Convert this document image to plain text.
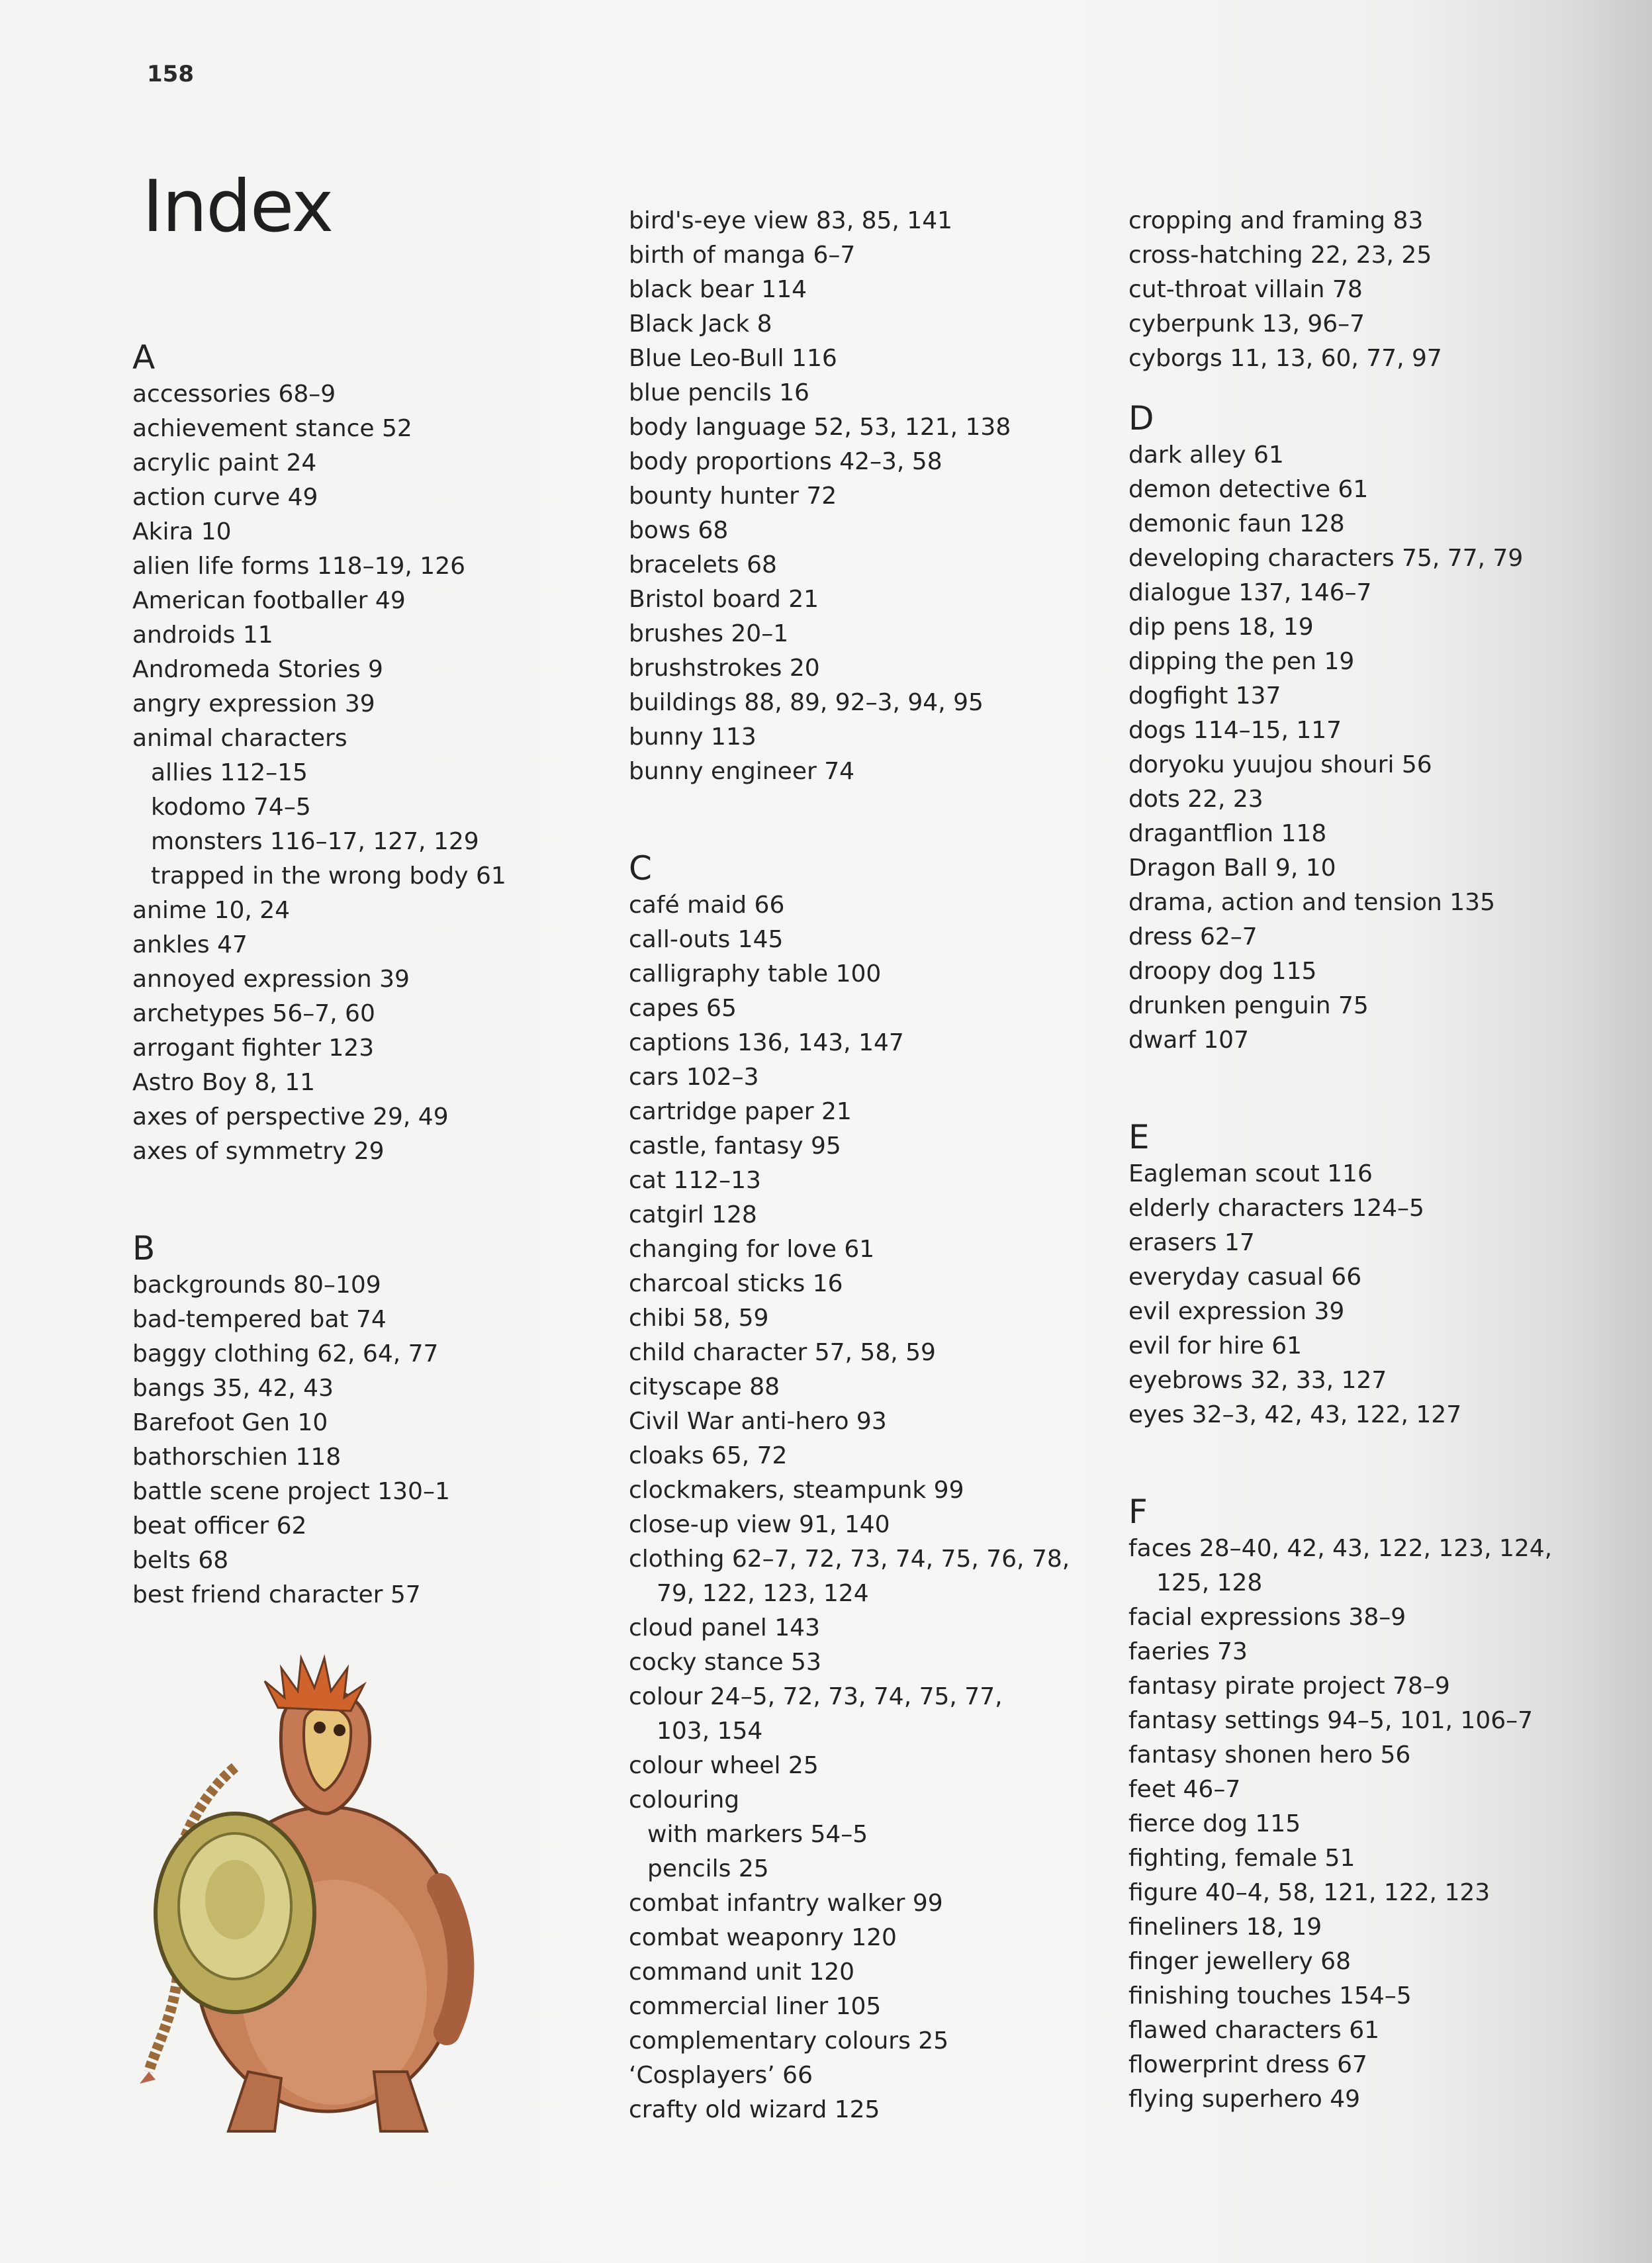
158
Index
A
accessories 68–9
achievement stance 52
acrylic paint 24
action curve 49
Akira 10
alien life forms 118–19, 126
American footballer 49
androids 11
Andromeda Stories 9
angry expression 39
animal characters
allies 112–15
kodomo 74–5
monsters 116–17, 127, 129
trapped in the wrong body 61
anime 10, 24
ankles 47
annoyed expression 39
archetypes 56–7, 60
arrogant fighter 123
Astro Boy 8, 11
axes of perspective 29, 49
axes of symmetry 29
B
backgrounds 80–109
bad-tempered bat 74
baggy clothing 62, 64, 77
bangs 35, 42, 43
Barefoot Gen 10
bathorschien 118
battle scene project 130–1
beat officer 62
belts 68
best friend character 57
bird's-eye view 83, 85, 141
birth of manga 6–7
black bear 114
Black Jack 8
Blue Leo-Bull 116
blue pencils 16
body language 52, 53, 121, 138
body proportions 42–3, 58
bounty hunter 72
bows 68
bracelets 68
Bristol board 21
brushes 20–1
brushstrokes 20
buildings 88, 89, 92–3, 94, 95
bunny 113
bunny engineer 74
C
café maid 66
call-outs 145
calligraphy table 100
capes 65
captions 136, 143, 147
cars 102–3
cartridge paper 21
castle, fantasy 95
cat 112–13
catgirl 128
changing for love 61
charcoal sticks 16
chibi 58, 59
child character 57, 58, 59
cityscape 88
Civil War anti-hero 93
cloaks 65, 72
clockmakers, steampunk 99
close-up view 91, 140
clothing 62–7, 72, 73, 74, 75, 76, 78,
79, 122, 123, 124
cloud panel 143
cocky stance 53
colour 24–5, 72, 73, 74, 75, 77,
103, 154
colour wheel 25
colouring
with markers 54–5
pencils 25
combat infantry walker 99
combat weaponry 120
command unit 120
commercial liner 105
complementary colours 25
‘Cosplayers’ 66
crafty old wizard 125
cropping and framing 83
cross-hatching 22, 23, 25
cut-throat villain 78
cyberpunk 13, 96–7
cyborgs 11, 13, 60, 77, 97
D
dark alley 61
demon detective 61
demonic faun 128
developing characters 75, 77, 79
dialogue 137, 146–7
dip pens 18, 19
dipping the pen 19
dogfight 137
dogs 114–15, 117
doryoku yuujou shouri 56
dots 22, 23
dragantflion 118
Dragon Ball 9, 10
drama, action and tension 135
dress 62–7
droopy dog 115
drunken penguin 75
dwarf 107
E
Eagleman scout 116
elderly characters 124–5
erasers 17
everyday casual 66
evil expression 39
evil for hire 61
eyebrows 32, 33, 127
eyes 32–3, 42, 43, 122, 127
F
faces 28–40, 42, 43, 122, 123, 124,
125, 128
facial expressions 38–9
faeries 73
fantasy pirate project 78–9
fantasy settings 94–5, 101, 106–7
fantasy shonen hero 56
feet 46–7
fierce dog 115
fighting, female 51
figure 40–4, 58, 121, 122, 123
fineliners 18, 19
finger jewellery 68
finishing touches 154–5
flawed characters 61
flowerprint dress 67
flying superhero 49
